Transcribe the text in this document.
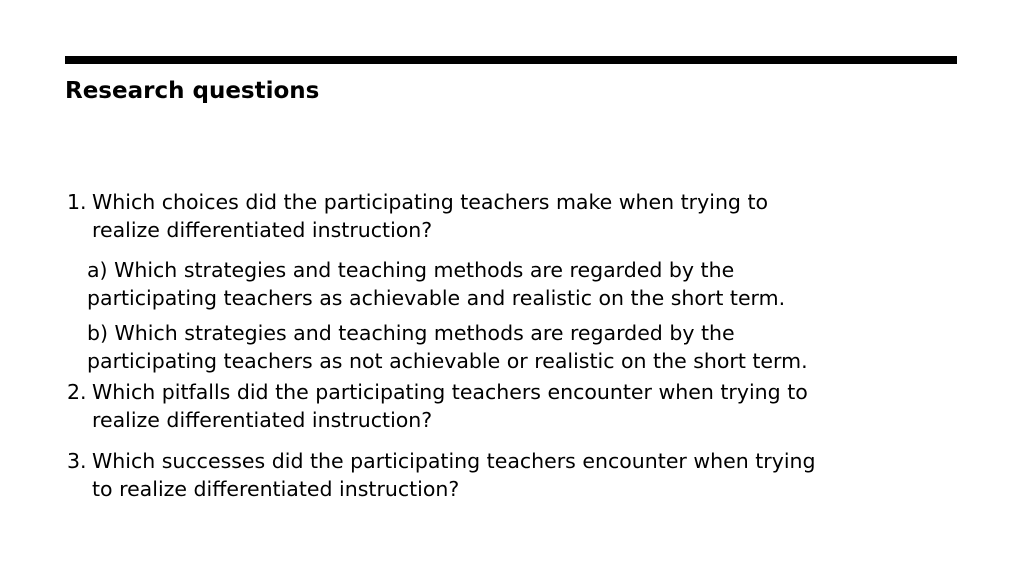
Research questions
1. Which choices did the participating teachers make when trying to
realize differentiated instruction?
a) Which strategies and teaching methods are regarded by the
participating teachers as achievable and realistic on the short term.
b) Which strategies and teaching methods are regarded by the
participating teachers as not achievable or realistic on the short term.
2. Which pitfalls did the participating teachers encounter when trying to
realize differentiated instruction?
3. Which successes did the participating teachers encounter when trying
to realize differentiated instruction?
